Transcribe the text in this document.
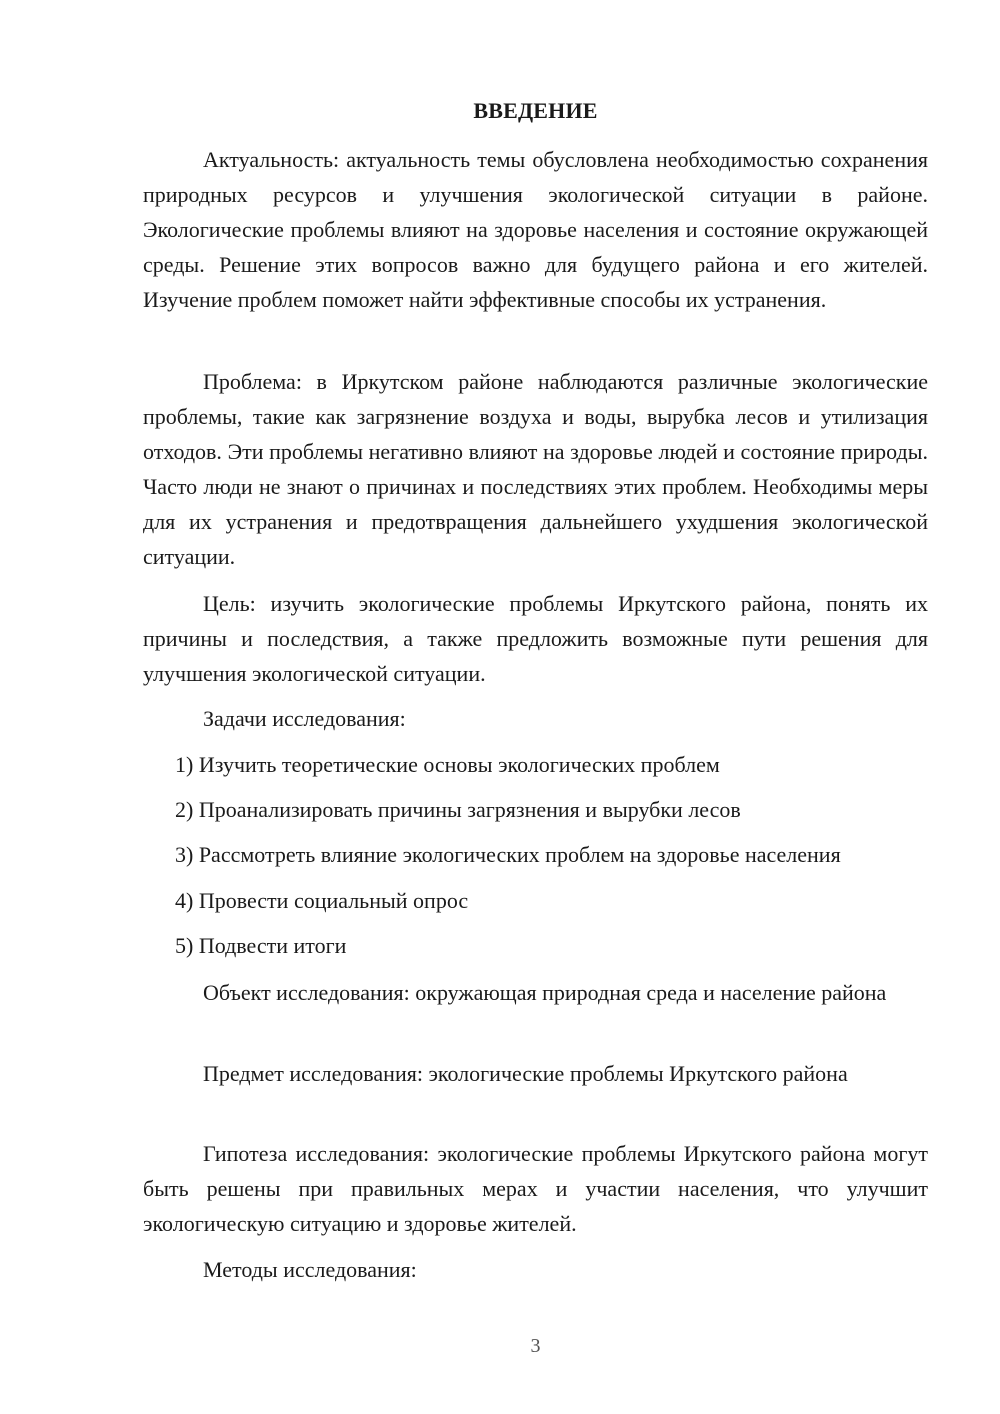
ВВЕДЕНИЕ

Актуальность: актуальность темы обусловлена необходимостью сохранения природных ресурсов и улучшения экологической ситуации в районе. Экологические проблемы влияют на здоровье населения и состояние окружающей среды. Решение этих вопросов важно для будущего района и его жителей. Изучение проблем поможет найти эффективные способы их устранения.

Проблема: в Иркутском районе наблюдаются различные экологические проблемы, такие как загрязнение воздуха и воды, вырубка лесов и утилизация отходов. Эти проблемы негативно влияют на здоровье людей и состояние природы. Часто люди не знают о причинах и последствиях этих проблем. Необходимы меры для их устранения и предотвращения дальнейшего ухудшения экологической ситуации.

Цель: изучить экологические проблемы Иркутского района, понять их причины и последствия, а также предложить возможные пути решения для улучшения экологической ситуации.

Задачи исследования:

1) Изучить теоретические основы экологических проблем

2) Проанализировать причины загрязнения и вырубки лесов

3) Рассмотреть влияние экологических проблем на здоровье населения

4) Провести социальный опрос

5) Подвести итоги

Объект исследования: окружающая природная среда и население района

Предмет исследования: экологические проблемы Иркутского района

Гипотеза исследования: экологические проблемы Иркутского района могут быть решены при правильных мерах и участии населения, что улучшит экологическую ситуацию и здоровье жителей.

Методы исследования:

3
